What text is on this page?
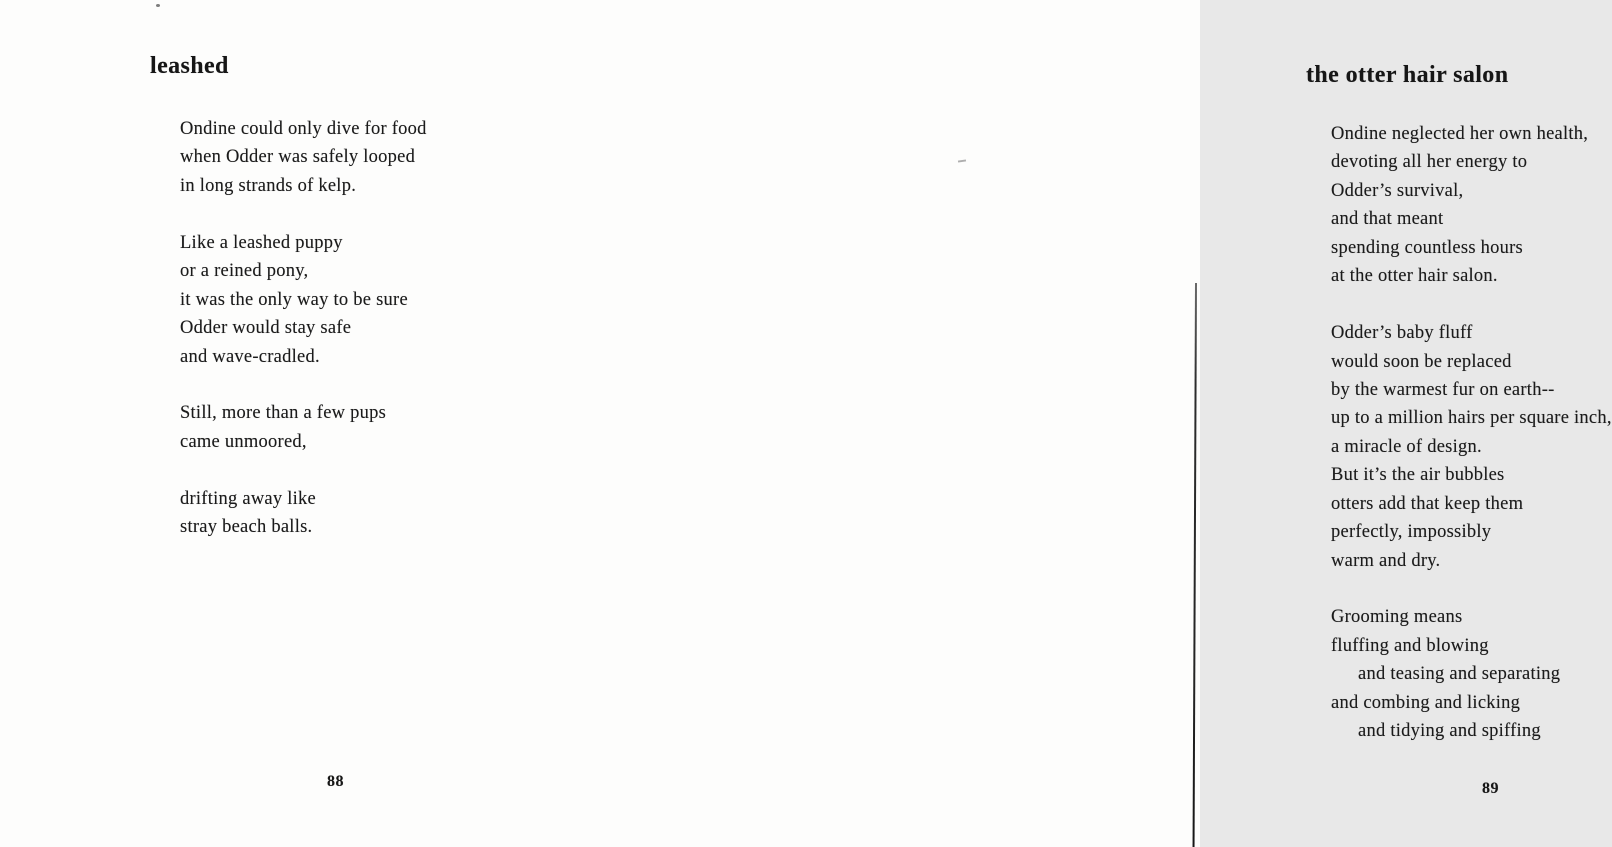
leashed
Ondine could only dive for food
when Odder was safely looped
in long strands of kelp.
Like a leashed puppy
or a reined pony,
it was the only way to be sure
Odder would stay safe
and wave-cradled.
Still, more than a few pups
came unmoored,
drifting away like
stray beach balls.
88
the otter hair salon
Ondine neglected her own health,
devoting all her energy to
Odder’s survival,
and that meant
spending countless hours
at the otter hair salon.
Odder’s baby fluff
would soon be replaced
by the warmest fur on earth--
up to a million hairs per square inch,
a miracle of design.
But it’s the air bubbles
otters add that keep them
perfectly, impossibly
warm and dry.
Grooming means
fluffing and blowing
and teasing and separating
and combing and licking
and tidying and spiffing
89
